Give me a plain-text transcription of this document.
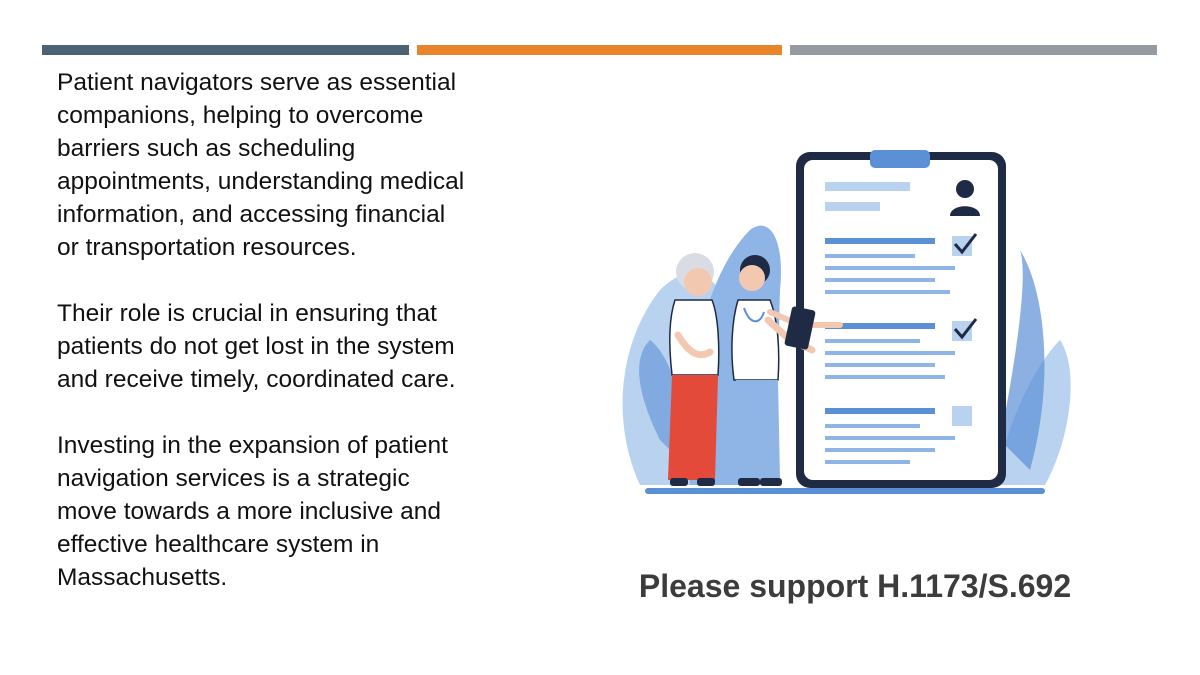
Patient navigators serve as essential
companions, helping to overcome
barriers such as scheduling
appointments, understanding medical
information, and accessing financial
or transportation resources.

Their role is crucial in ensuring that
patients do not get lost in the system
and receive timely, coordinated care.

Investing in the expansion of patient
navigation services is a strategic
move towards a more inclusive and
effective healthcare system in
Massachusetts.	Please support H.1173/S.692
